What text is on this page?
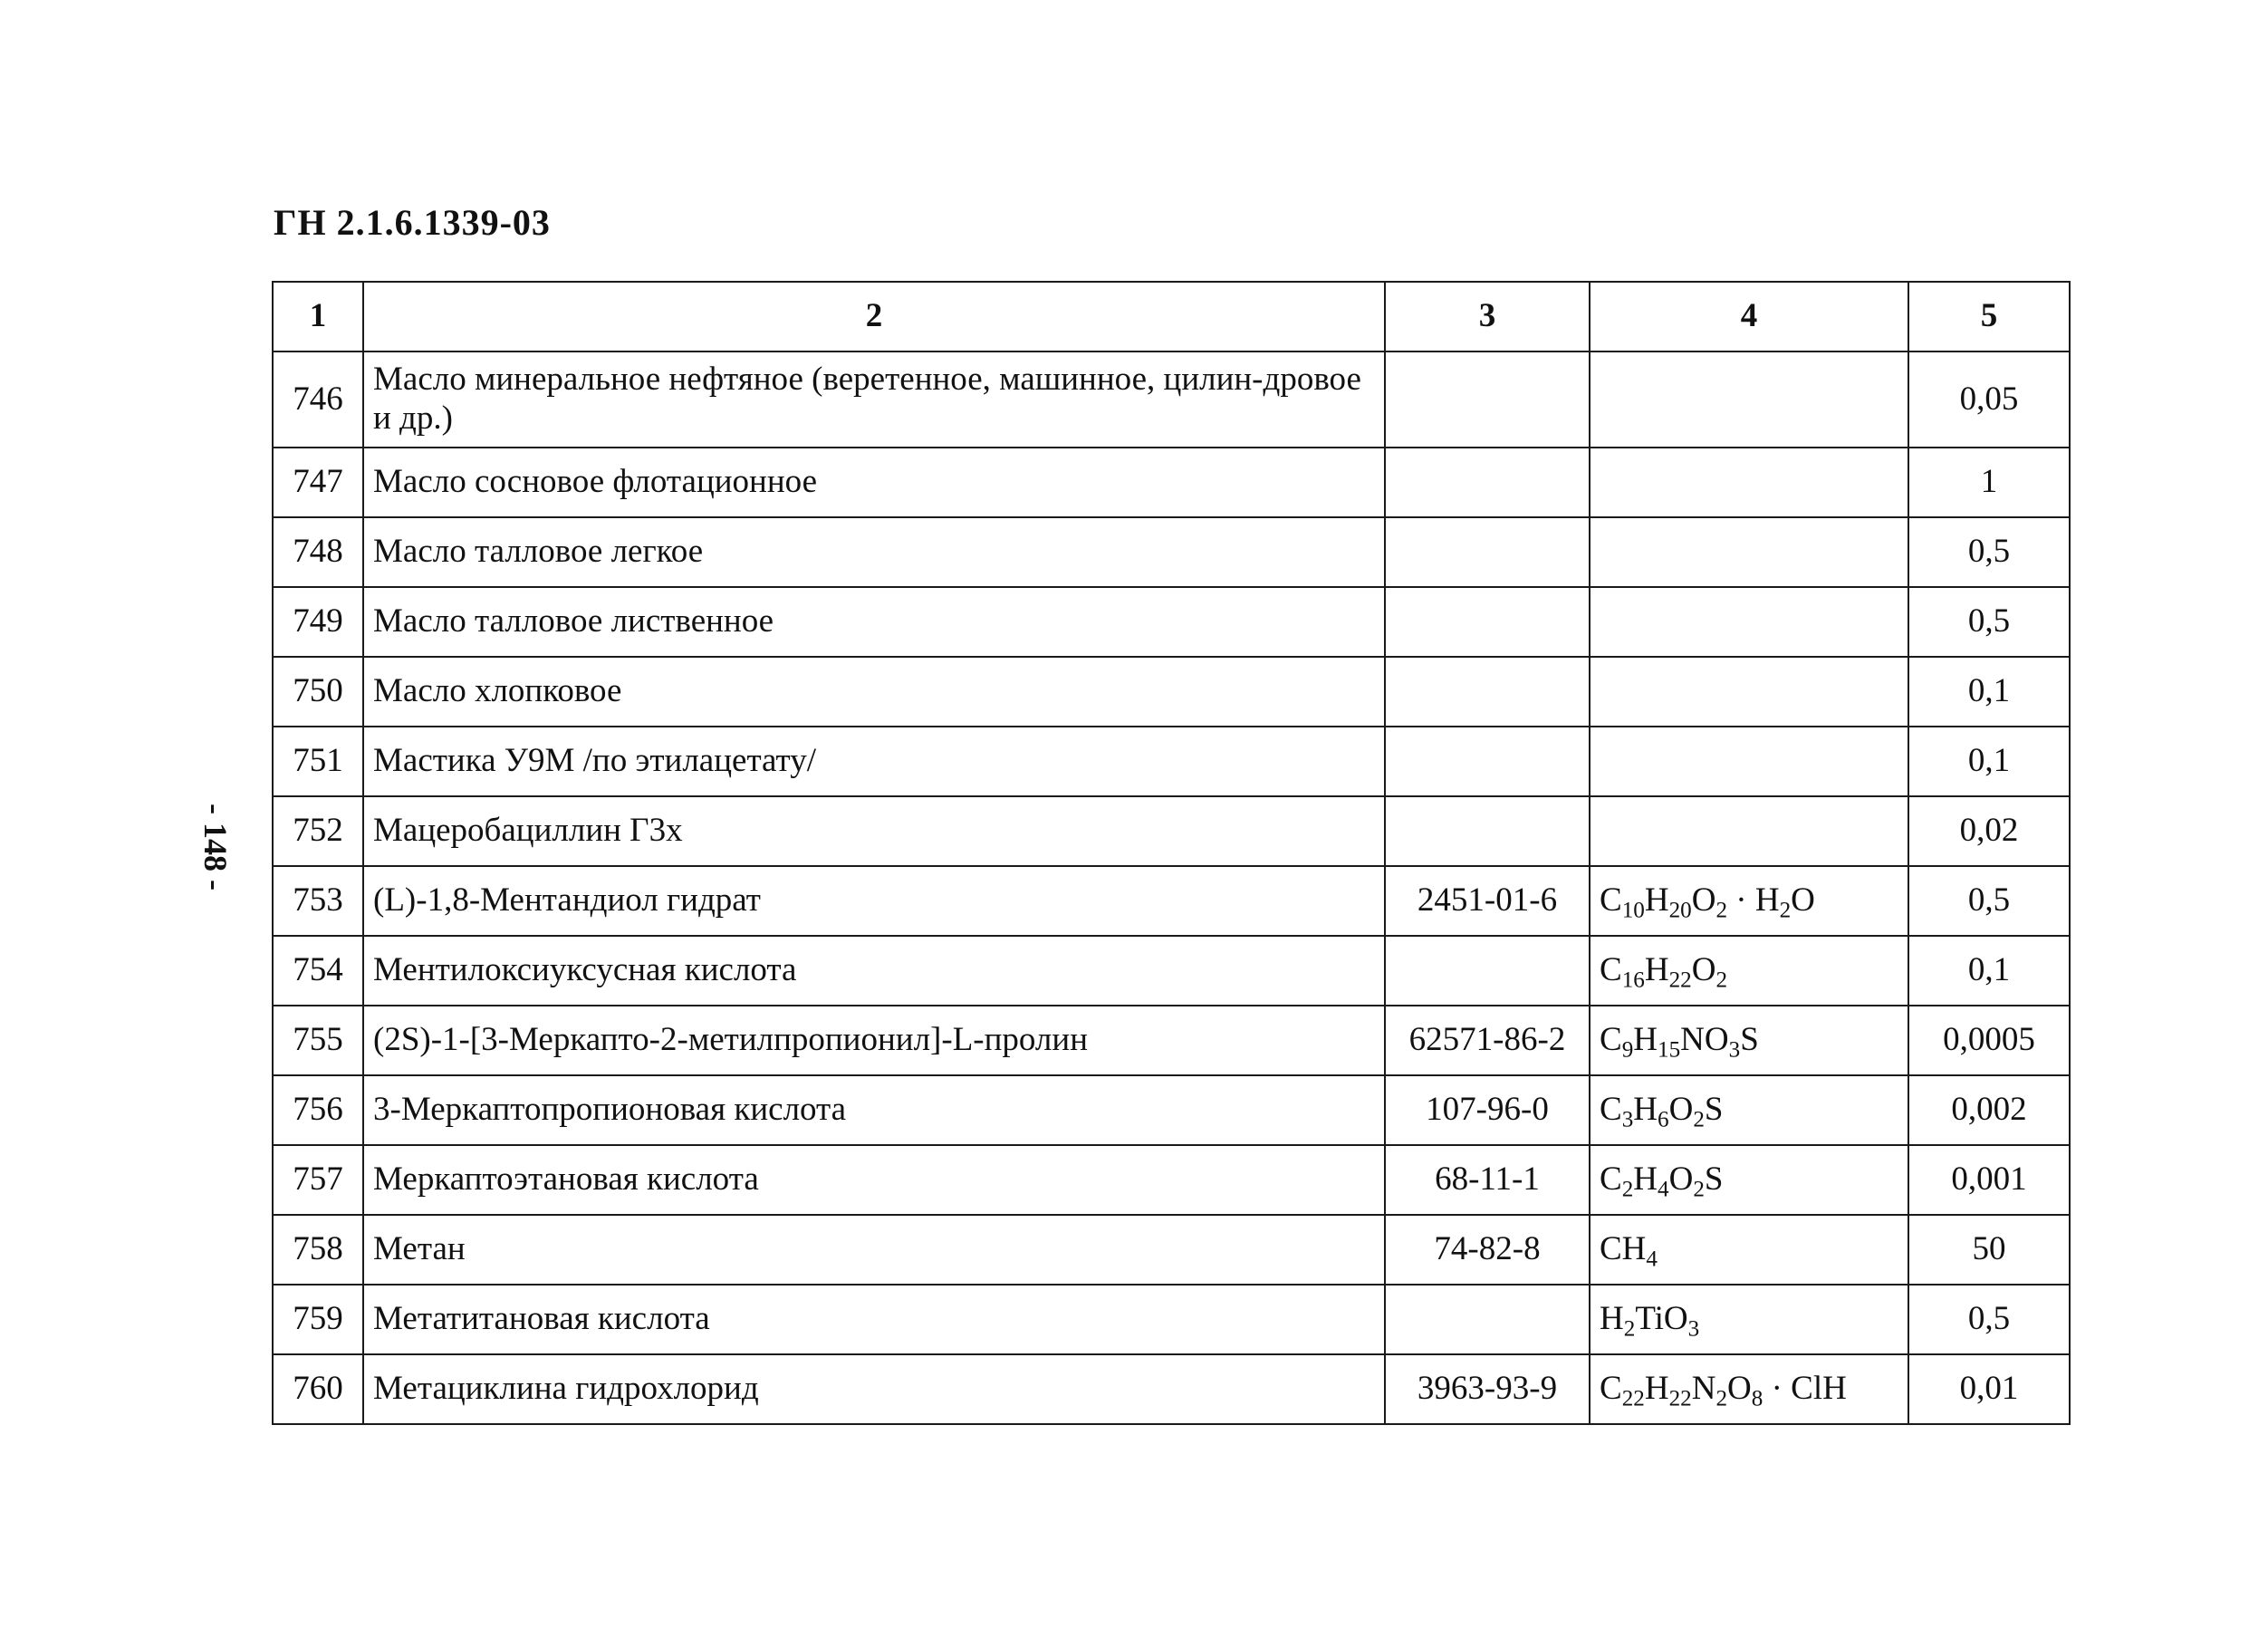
ГН 2.1.6.1339-03
- 148 -
1	2	3	4	5
746	Масло минеральное нефтяное (веретенное, машинное, цилин-дровое и др.)			0,05
747	Масло сосновое флотационное			1
748	Масло талловое легкое			0,5
749	Масло талловое лиственное			0,5
750	Масло хлопковое			0,1
751	Мастика У9М /по этилацетату/			0,1
752	Мацеробациллин Г3х			0,02
753	(L)-1,8-Ментандиол гидрат	2451-01-6	$C_{10}H_{20}O_2 \cdot H_2O$	0,5
754	Ментилоксиуксусная кислота		$C_{16}H_{22}O_2$	0,1
755	(2S)-1-[3-Меркапто-2-метилпропионил]-L-пролин	62571-86-2	$C_9H_{15}NO_3S$	0,0005
756	3-Меркаптопропионовая кислота	107-96-0	$C_3H_6O_2S$	0,002
757	Меркаптоэтановая кислота	68-11-1	$C_2H_4O_2S$	0,001
758	Метан	74-82-8	$CH_4$	50
759	Метатитановая кислота		$H_2TiO_3$	0,5
760	Метациклина гидрохлорид	3963-93-9	$C_{22}H_{22}N_2O_8$ · ClH	0,01
